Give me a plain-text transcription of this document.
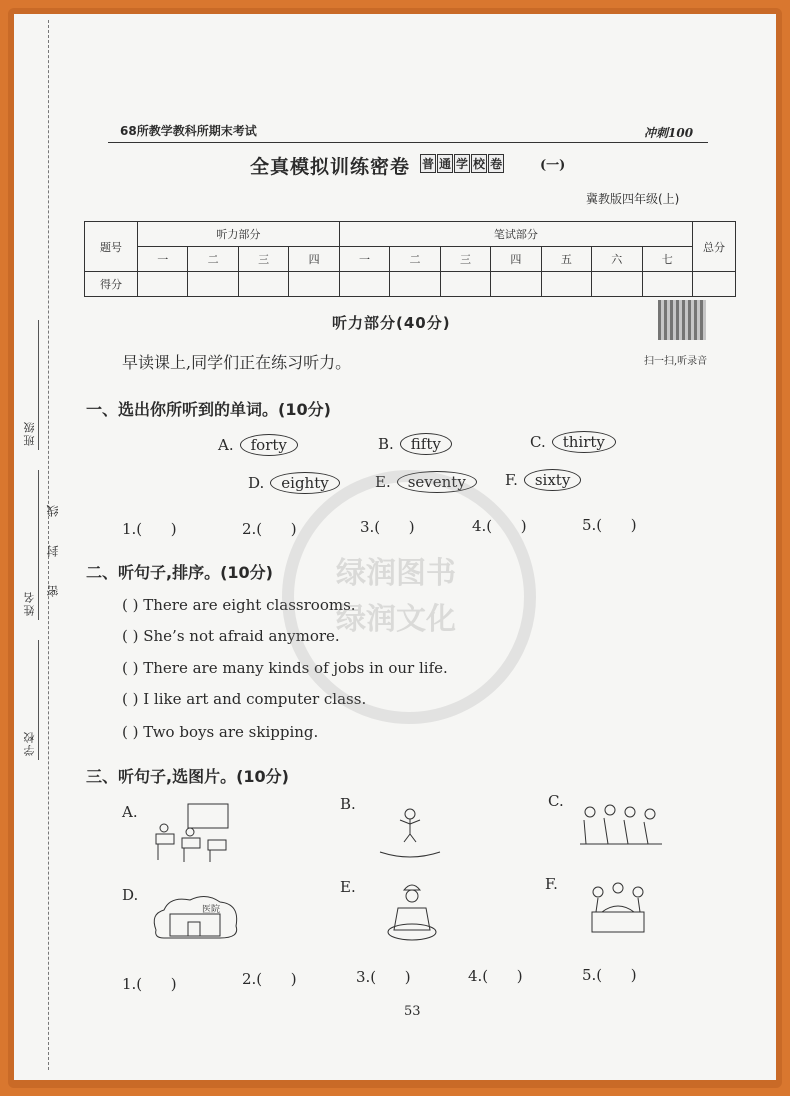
班级
姓名
学校
线
封
密
68所教学教科所期末考试	冲刺100
全真模拟训练密卷 普 通 学 校 卷	(一)
冀教版四年级(上)
题号	听力部分				笔试部分							总分
	一	二	三	四	一	二	三	四	五	六	七	
得分												
听力部分(40分)
扫一扫,听录音
早读课上,同学们正在练习听力。
一、选出你所听到的单词。(10分)
A. forty	B. fifty	C. thirty
D. eighty	E. seventy	F. sixty
1.(      )	2.(      )	3.(      )	4.(      )	5.(      )
二、听句子,排序。(10分)
( ) There are eight classrooms.
( ) She’s not afraid anymore.
( ) There are many kinds of jobs in our life.
( ) I like art and computer class.
( ) Two boys are skipping.
三、听句子,选图片。(10分)
A.	B.	C.
D.	E.	F.
医院
1.(      )	2.(      )	3.(      )	4.(      )	5.(      )
53
绿润图书
绿润文化
